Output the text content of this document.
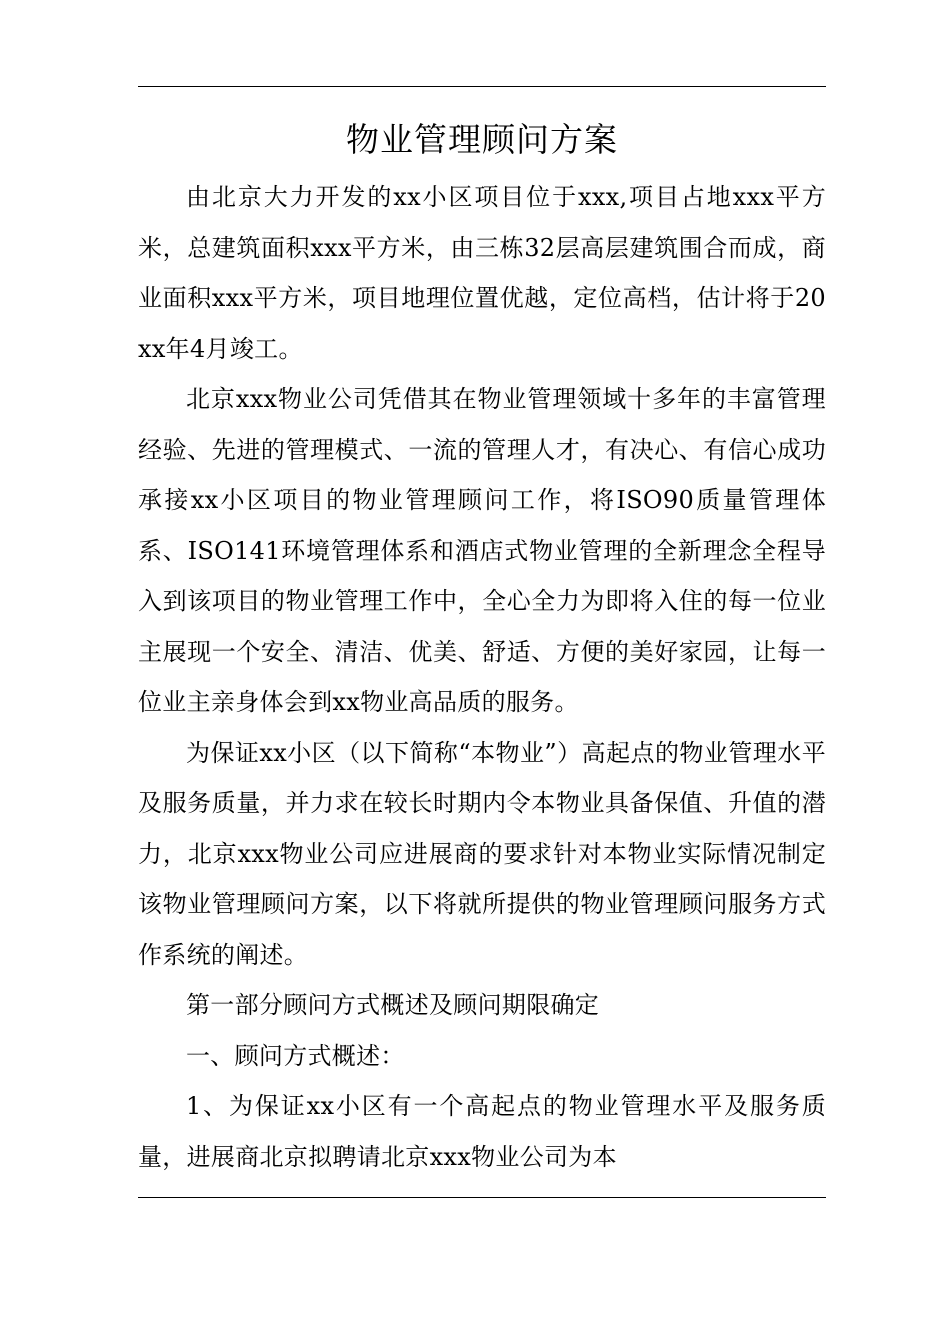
物业管理顾问方案

由北京大力开发的xx小区项目位于xxx,项目占地xxx平方米，总建筑面积xxx平方米，由三栋32层高层建筑围合而成，商业面积xxx平方米，项目地理位置优越，定位高档，估计将于20xx年4月竣工。

北京xxx物业公司凭借其在物业管理领域十多年的丰富管理经验、先进的管理模式、一流的管理人才，有决心、有信心成功承接xx小区项目的物业管理顾问工作，将ISO90质量管理体系、ISO141环境管理体系和酒店式物业管理的全新理念全程导入到该项目的物业管理工作中，全心全力为即将入住的每一位业主展现一个安全、清洁、优美、舒适、方便的美好家园，让每一位业主亲身体会到xx物业高品质的服务。

为保证xx小区（以下简称“本物业”）高起点的物业管理水平及服务质量，并力求在较长时期内令本物业具备保值、升值的潜力，北京xxx物业公司应进展商的要求针对本物业实际情况制定该物业管理顾问方案，以下将就所提供的物业管理顾问服务方式作系统的阐述。

第一部分顾问方式概述及顾问期限确定

一、顾问方式概述：

1、为保证xx小区有一个高起点的物业管理水平及服务质量，进展商北京拟聘请北京xxx物业公司为本
